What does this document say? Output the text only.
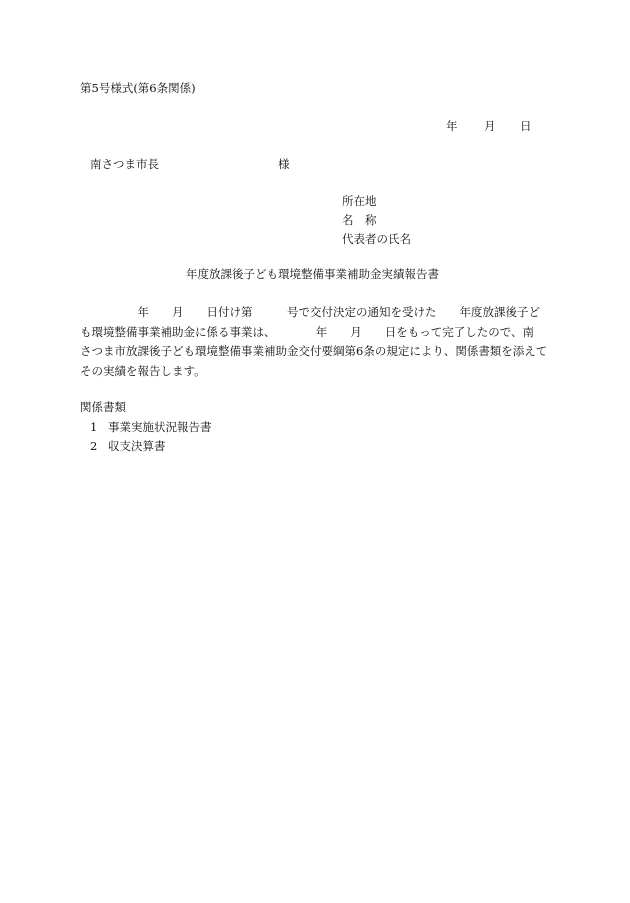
第5号様式(第6条関係)
年 月 日
南さつま市長	様
所在地
名　称
代表者の氏名
年度放課後子ども環境整備事業補助金実績報告書
　　　　　年　　月　　日付け第　　　号で交付決定の通知を受けた　　年度放課後子ど
も環境整備事業補助金に係る事業は、　　　　年　　月　　日をもって完了したので、南
さつま市放課後子ども環境整備事業補助金交付要綱第6条の規定により、関係書類を添えて
その実績を報告します。
関係書類
1 事業実施状況報告書
2 収支決算書
